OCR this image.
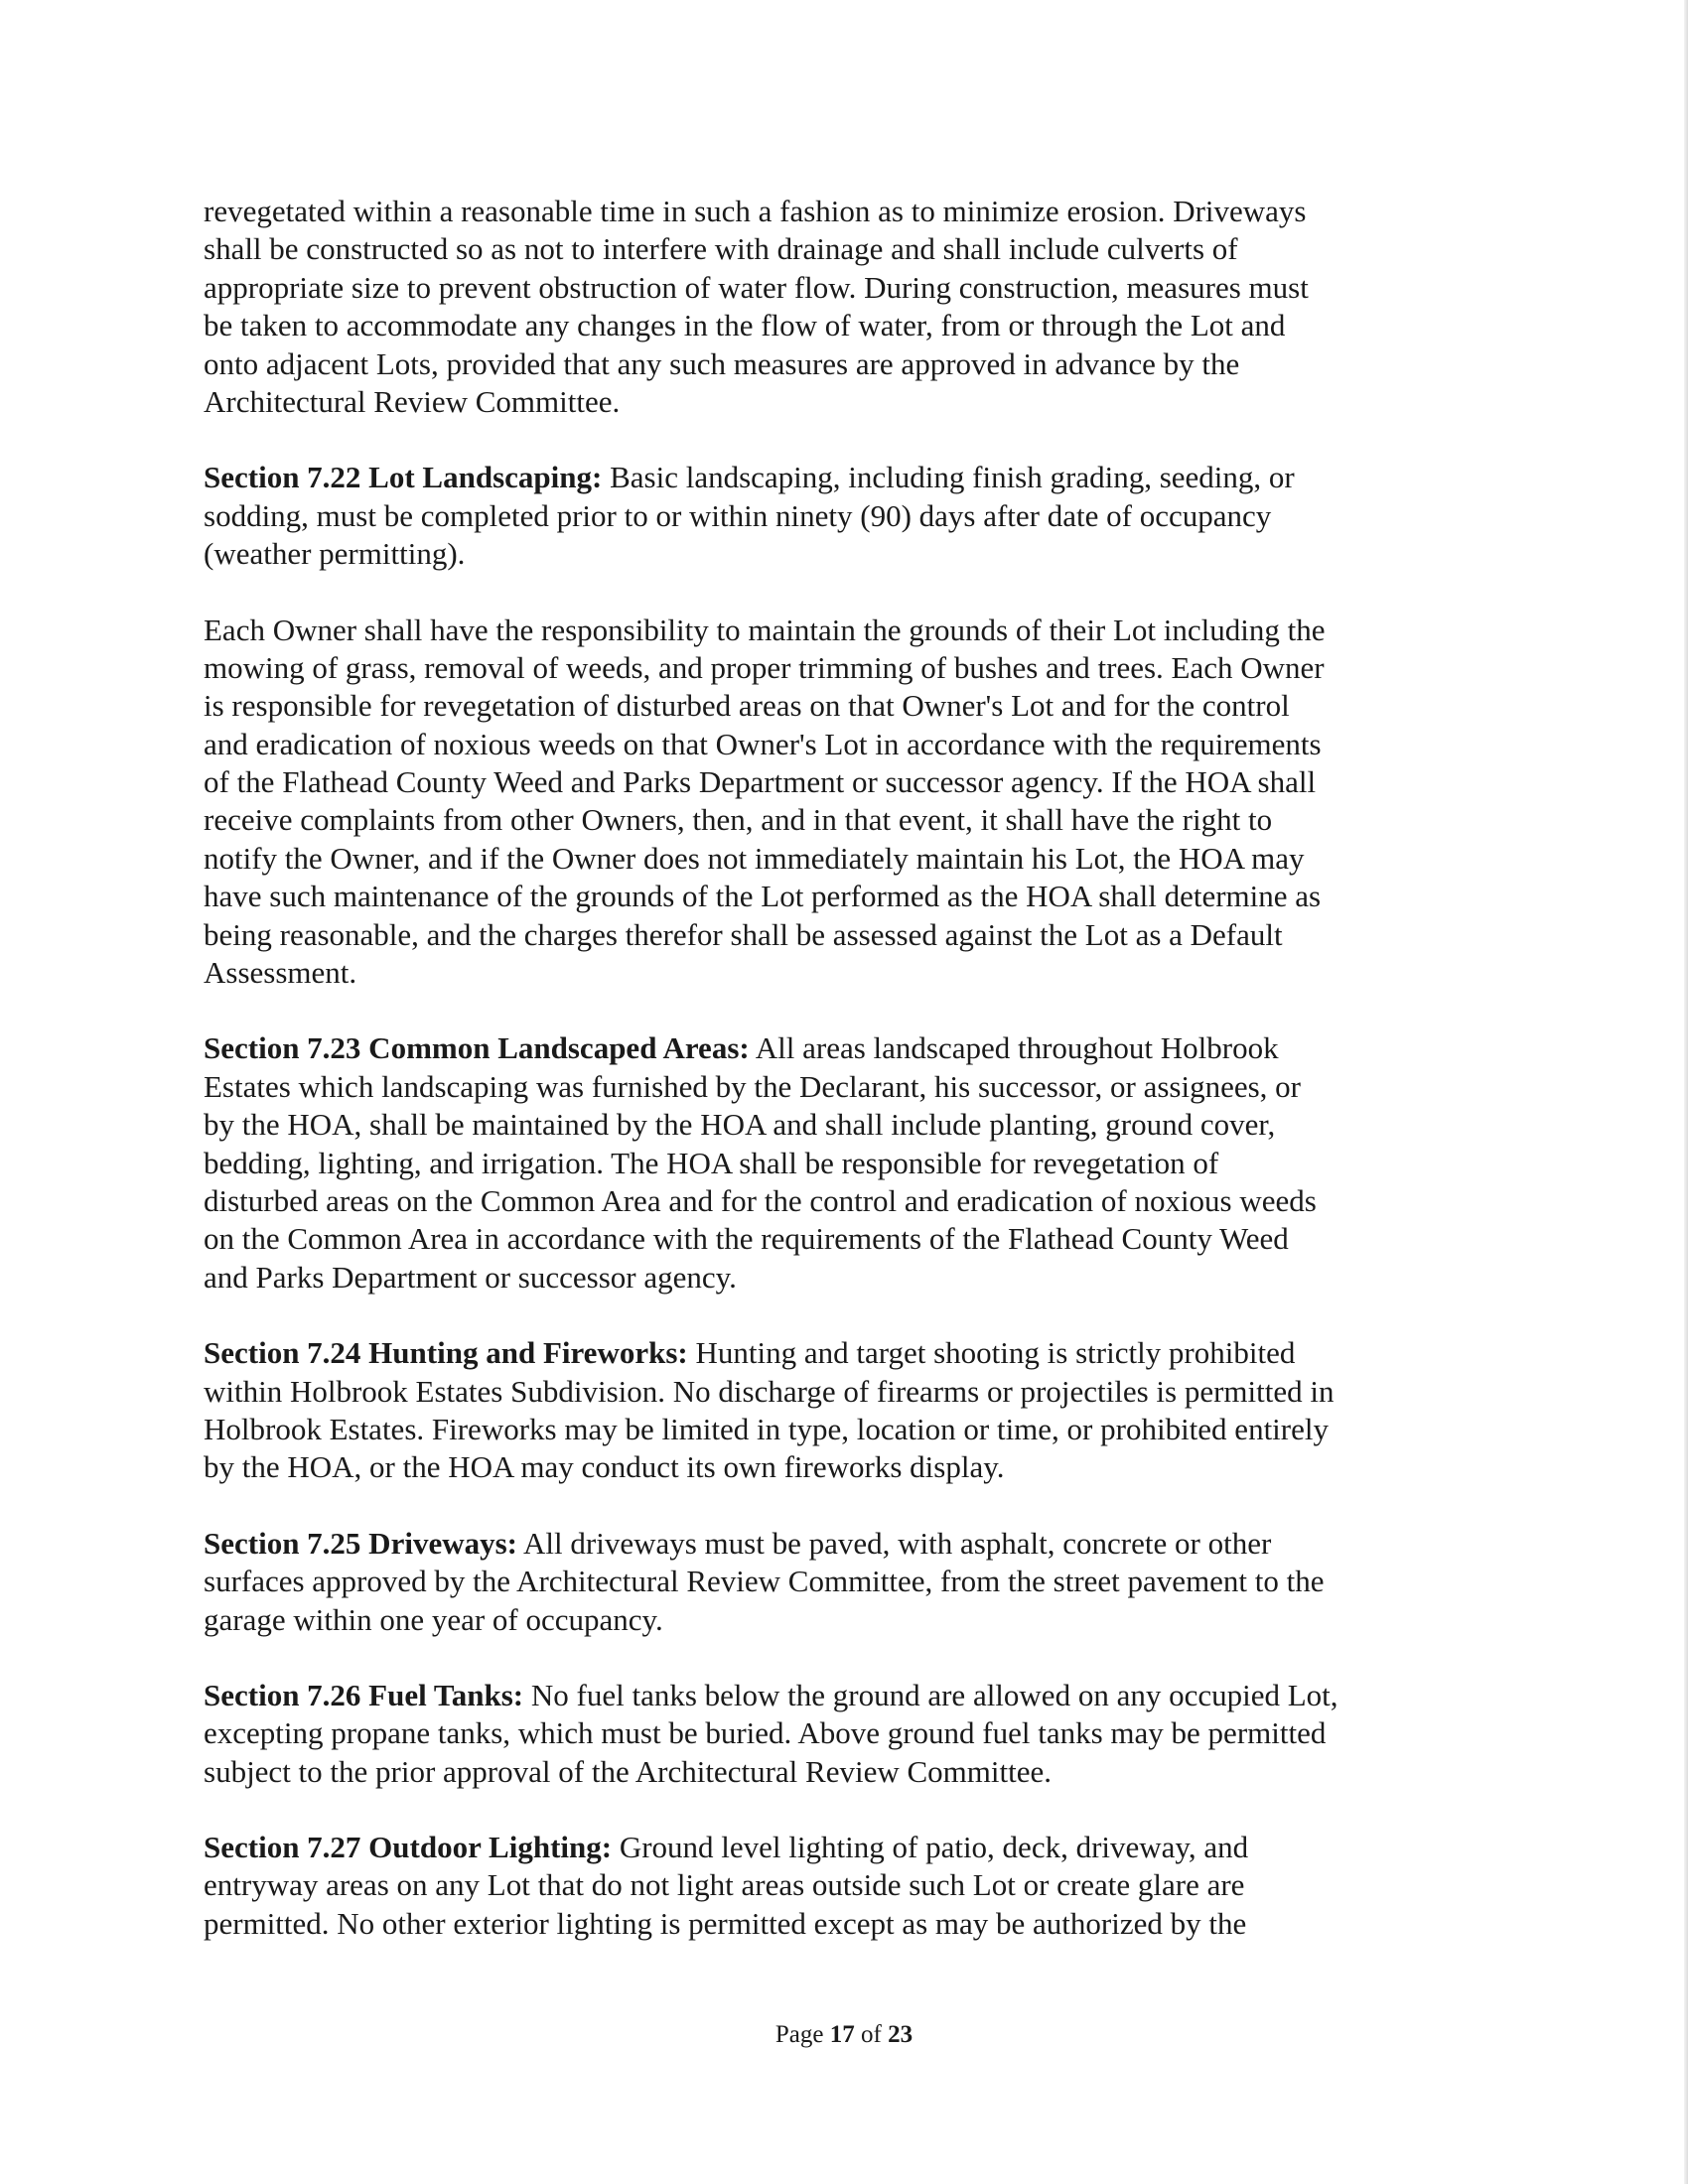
revegetated within a reasonable time in such a fashion as to minimize erosion. Driveways
shall be constructed so as not to interfere with drainage and shall include culverts of
appropriate size to prevent obstruction of water flow. During construction, measures must
be taken to accommodate any changes in the flow of water, from or through the Lot and
onto adjacent Lots, provided that any such measures are approved in advance by the
Architectural Review Committee.

Section 7.22 Lot Landscaping: Basic landscaping, including finish grading, seeding, or
sodding, must be completed prior to or within ninety (90) days after date of occupancy
(weather permitting).

Each Owner shall have the responsibility to maintain the grounds of their Lot including the
mowing of grass, removal of weeds, and proper trimming of bushes and trees. Each Owner
is responsible for revegetation of disturbed areas on that Owner's Lot and for the control
and eradication of noxious weeds on that Owner's Lot in accordance with the requirements
of the Flathead County Weed and Parks Department or successor agency. If the HOA shall
receive complaints from other Owners, then, and in that event, it shall have the right to
notify the Owner, and if the Owner does not immediately maintain his Lot, the HOA may
have such maintenance of the grounds of the Lot performed as the HOA shall determine as
being reasonable, and the charges therefor shall be assessed against the Lot as a Default
Assessment.

Section 7.23 Common Landscaped Areas: All areas landscaped throughout Holbrook
Estates which landscaping was furnished by the Declarant, his successor, or assignees, or
by the HOA, shall be maintained by the HOA and shall include planting, ground cover,
bedding, lighting, and irrigation. The HOA shall be responsible for revegetation of
disturbed areas on the Common Area and for the control and eradication of noxious weeds
on the Common Area in accordance with the requirements of the Flathead County Weed
and Parks Department or successor agency.

Section 7.24 Hunting and Fireworks: Hunting and target shooting is strictly prohibited
within Holbrook Estates Subdivision. No discharge of firearms or projectiles is permitted in
Holbrook Estates. Fireworks may be limited in type, location or time, or prohibited entirely
by the HOA, or the HOA may conduct its own fireworks display.

Section 7.25 Driveways: All driveways must be paved, with asphalt, concrete or other
surfaces approved by the Architectural Review Committee, from the street pavement to the
garage within one year of occupancy.

Section 7.26 Fuel Tanks: No fuel tanks below the ground are allowed on any occupied Lot,
excepting propane tanks, which must be buried. Above ground fuel tanks may be permitted
subject to the prior approval of the Architectural Review Committee.

Section 7.27 Outdoor Lighting: Ground level lighting of patio, deck, driveway, and
entryway areas on any Lot that do not light areas outside such Lot or create glare are
permitted. No other exterior lighting is permitted except as may be authorized by the

Page 17 of 23
